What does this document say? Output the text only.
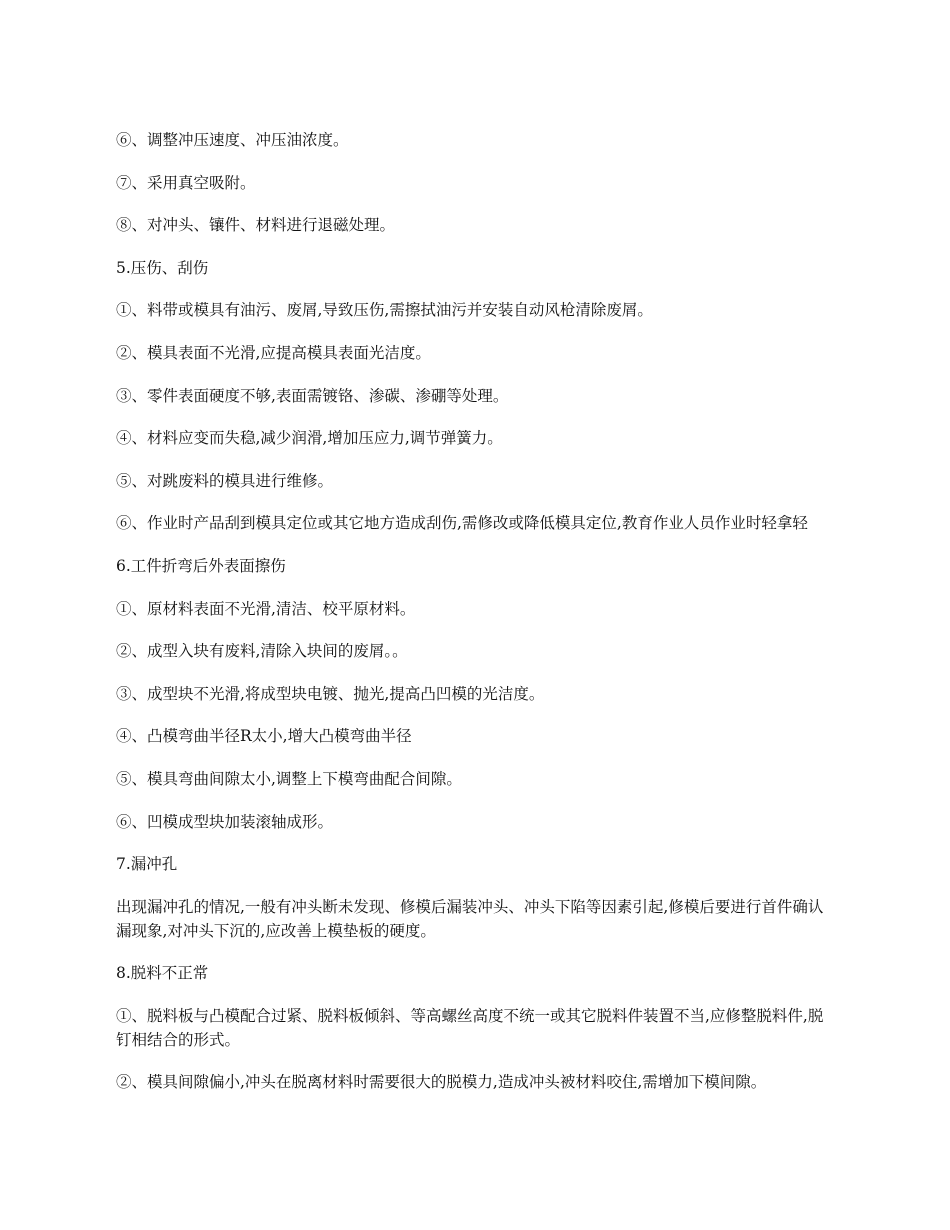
⑥、调整冲压速度、冲压油浓度。

⑦、采用真空吸附。

⑧、对冲头、镶件、材料进行退磁处理。

5.压伤、刮伤

①、料带或模具有油污、废屑,导致压伤,需擦拭油污并安装自动风枪清除废屑。

②、模具表面不光滑,应提高模具表面光洁度。

③、零件表面硬度不够,表面需镀铬、渗碳、渗硼等处理。

④、材料应变而失稳,减少润滑,增加压应力,调节弹簧力。

⑤、对跳废料的模具进行维修。

⑥、作业时产品刮到模具定位或其它地方造成刮伤,需修改或降低模具定位,教育作业人员作业时轻拿轻

6.工件折弯后外表面擦伤

①、原材料表面不光滑,清洁、校平原材料。

②、成型入块有废料,清除入块间的废屑。。

③、成型块不光滑,将成型块电镀、抛光,提高凸凹模的光洁度。

④、凸模弯曲半径R太小,增大凸模弯曲半径

⑤、模具弯曲间隙太小,调整上下模弯曲配合间隙。

⑥、凹模成型块加装滚轴成形。

7.漏冲孔

出现漏冲孔的情况,一般有冲头断未发现、修模后漏装冲头、冲头下陷等因素引起,修模后要进行首件确认
漏现象,对冲头下沉的,应改善上模垫板的硬度。

8.脱料不正常

①、脱料板与凸模配合过紧、脱料板倾斜、等高螺丝高度不统一或其它脱料件装置不当,应修整脱料件,脱
钉相结合的形式。

②、模具间隙偏小,冲头在脱离材料时需要很大的脱模力,造成冲头被材料咬住,需增加下模间隙。
